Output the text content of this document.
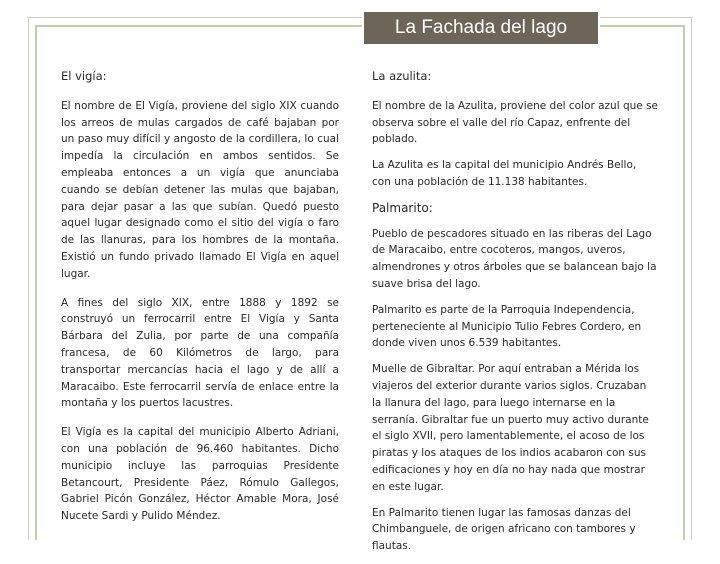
La Fachada del lago
El vigía:

El nombre de El Vigía, proviene del siglo XIX cuando los arreos de mulas cargados de café bajaban por un paso muy difícil y angosto de la cordillera, lo cual impedía la circulación en ambos sentidos. Se empleaba entonces a un vigía que anunciaba cuando se debían detener las mulas que bajaban, para dejar pasar a las que subían. Quedó puesto aquel lugar designado como el sitio del vigía o faro de las llanuras, para los hombres de la montaña. Existió un fundo privado llamado El Vigía en aquel lugar.

A fines del siglo XIX, entre 1888 y 1892 se construyó un ferrocarril entre El Vigía y Santa Bárbara del Zulia, por parte de una compañía francesa, de 60 Kilómetros de largo, para transportar mercancías hacia el lago y de allí a Maracaibo. Este ferrocarril servía de enlace entre la montaña y los puertos lacustres.

El Vigía es la capital del municipio Alberto Adriani, con una población de 96.460 habitantes. Dicho municipio incluye las parroquias Presidente Betancourt, Presidente Páez, Rómulo Gallegos, Gabriel Picón González, Héctor Amable Mora, José Nucete Sardi y Pulido Méndez.

La azulita:

El nombre de la Azulita, proviene del color azul que se observa sobre el valle del río Capaz, enfrente del poblado.

La Azulita es la capital del municipio Andrés Bello, con una población de 11.138 habitantes.

Palmarito:

Pueblo de pescadores situado en las riberas del Lago de Maracaibo, entre cocoteros, mangos, uveros, almendrones y otros árboles que se balancean bajo la suave brisa del lago.

Palmarito es parte de la Parroquia Independencia, perteneciente al Municipio Tulio Febres Cordero, en donde viven unos 6.539 habitantes.

Muelle de Gibraltar. Por aquí entraban a Mérida los viajeros del exterior durante varios siglos. Cruzaban la llanura del lago, para luego internarse en la serranía. Gibraltar fue un puerto muy activo durante el siglo XVII, pero lamentablemente, el acoso de los piratas y los ataques de los indios acabaron con sus edificaciones y hoy en día no hay nada que mostrar en este lugar.

En Palmarito tienen lugar las famosas danzas del Chimbanguele, de origen africano con tambores y flautas.
